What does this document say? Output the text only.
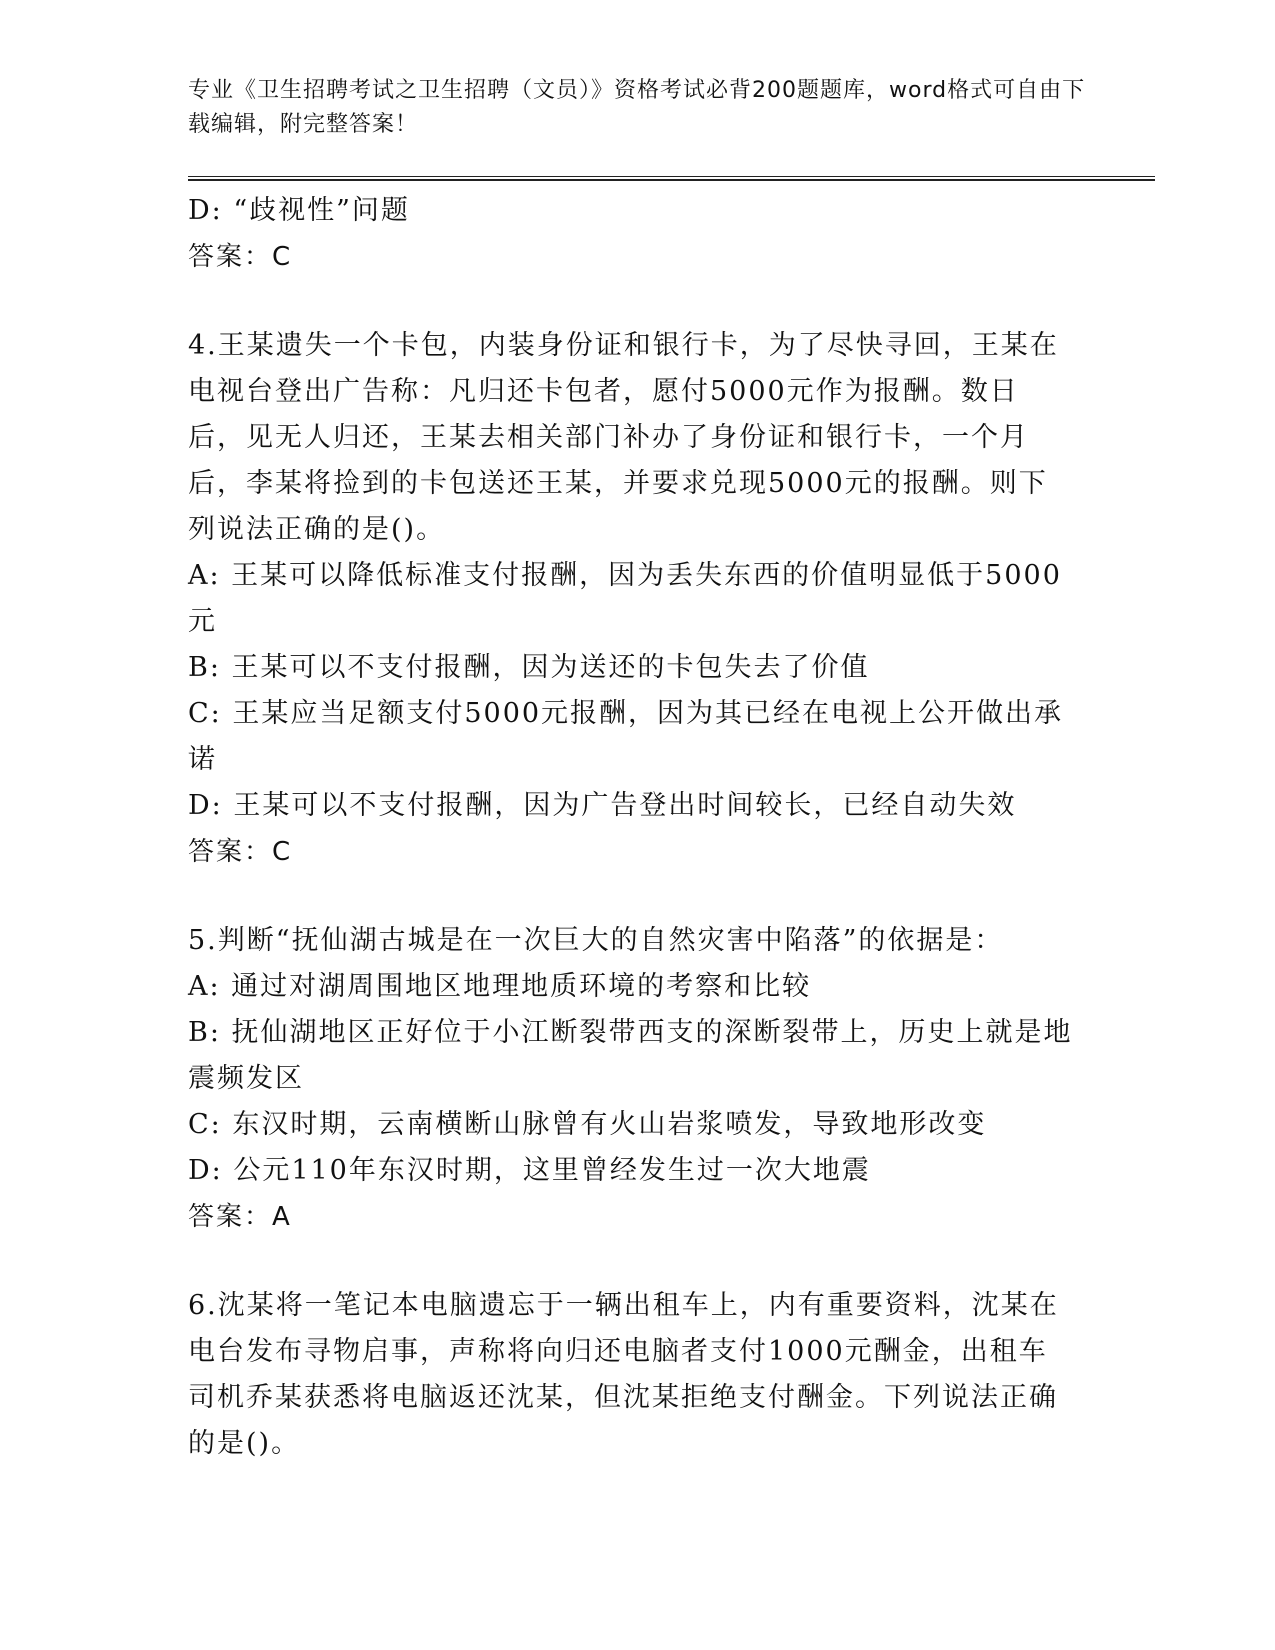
专业《卫生招聘考试之卫生招聘（文员）》资格考试必背200题题库，word格式可自由下载编辑，附完整答案！

D: “歧视性”问题

答案：C

4.王某遗失一个卡包，内装身份证和银行卡，为了尽快寻回，王某在电视台登出广告称：凡归还卡包者，愿付5000元作为报酬。数日后，见无人归还，王某去相关部门补办了身份证和银行卡，一个月后，李某将捡到的卡包送还王某，并要求兑现5000元的报酬。则下列说法正确的是()。

A: 王某可以降低标准支付报酬，因为丢失东西的价值明显低于5000元

B: 王某可以不支付报酬，因为送还的卡包失去了价值

C: 王某应当足额支付5000元报酬，因为其已经在电视上公开做出承诺

D: 王某可以不支付报酬，因为广告登出时间较长，已经自动失效

答案：C

5.判断“抚仙湖古城是在一次巨大的自然灾害中陷落”的依据是：

A: 通过对湖周围地区地理地质环境的考察和比较

B: 抚仙湖地区正好位于小江断裂带西支的深断裂带上，历史上就是地震频发区

C: 东汉时期，云南横断山脉曾有火山岩浆喷发，导致地形改变

D: 公元110年东汉时期，这里曾经发生过一次大地震

答案：A

6.沈某将一笔记本电脑遗忘于一辆出租车上，内有重要资料，沈某在电台发布寻物启事，声称将向归还电脑者支付1000元酬金，出租车司机乔某获悉将电脑返还沈某，但沈某拒绝支付酬金。下列说法正确的是()。
